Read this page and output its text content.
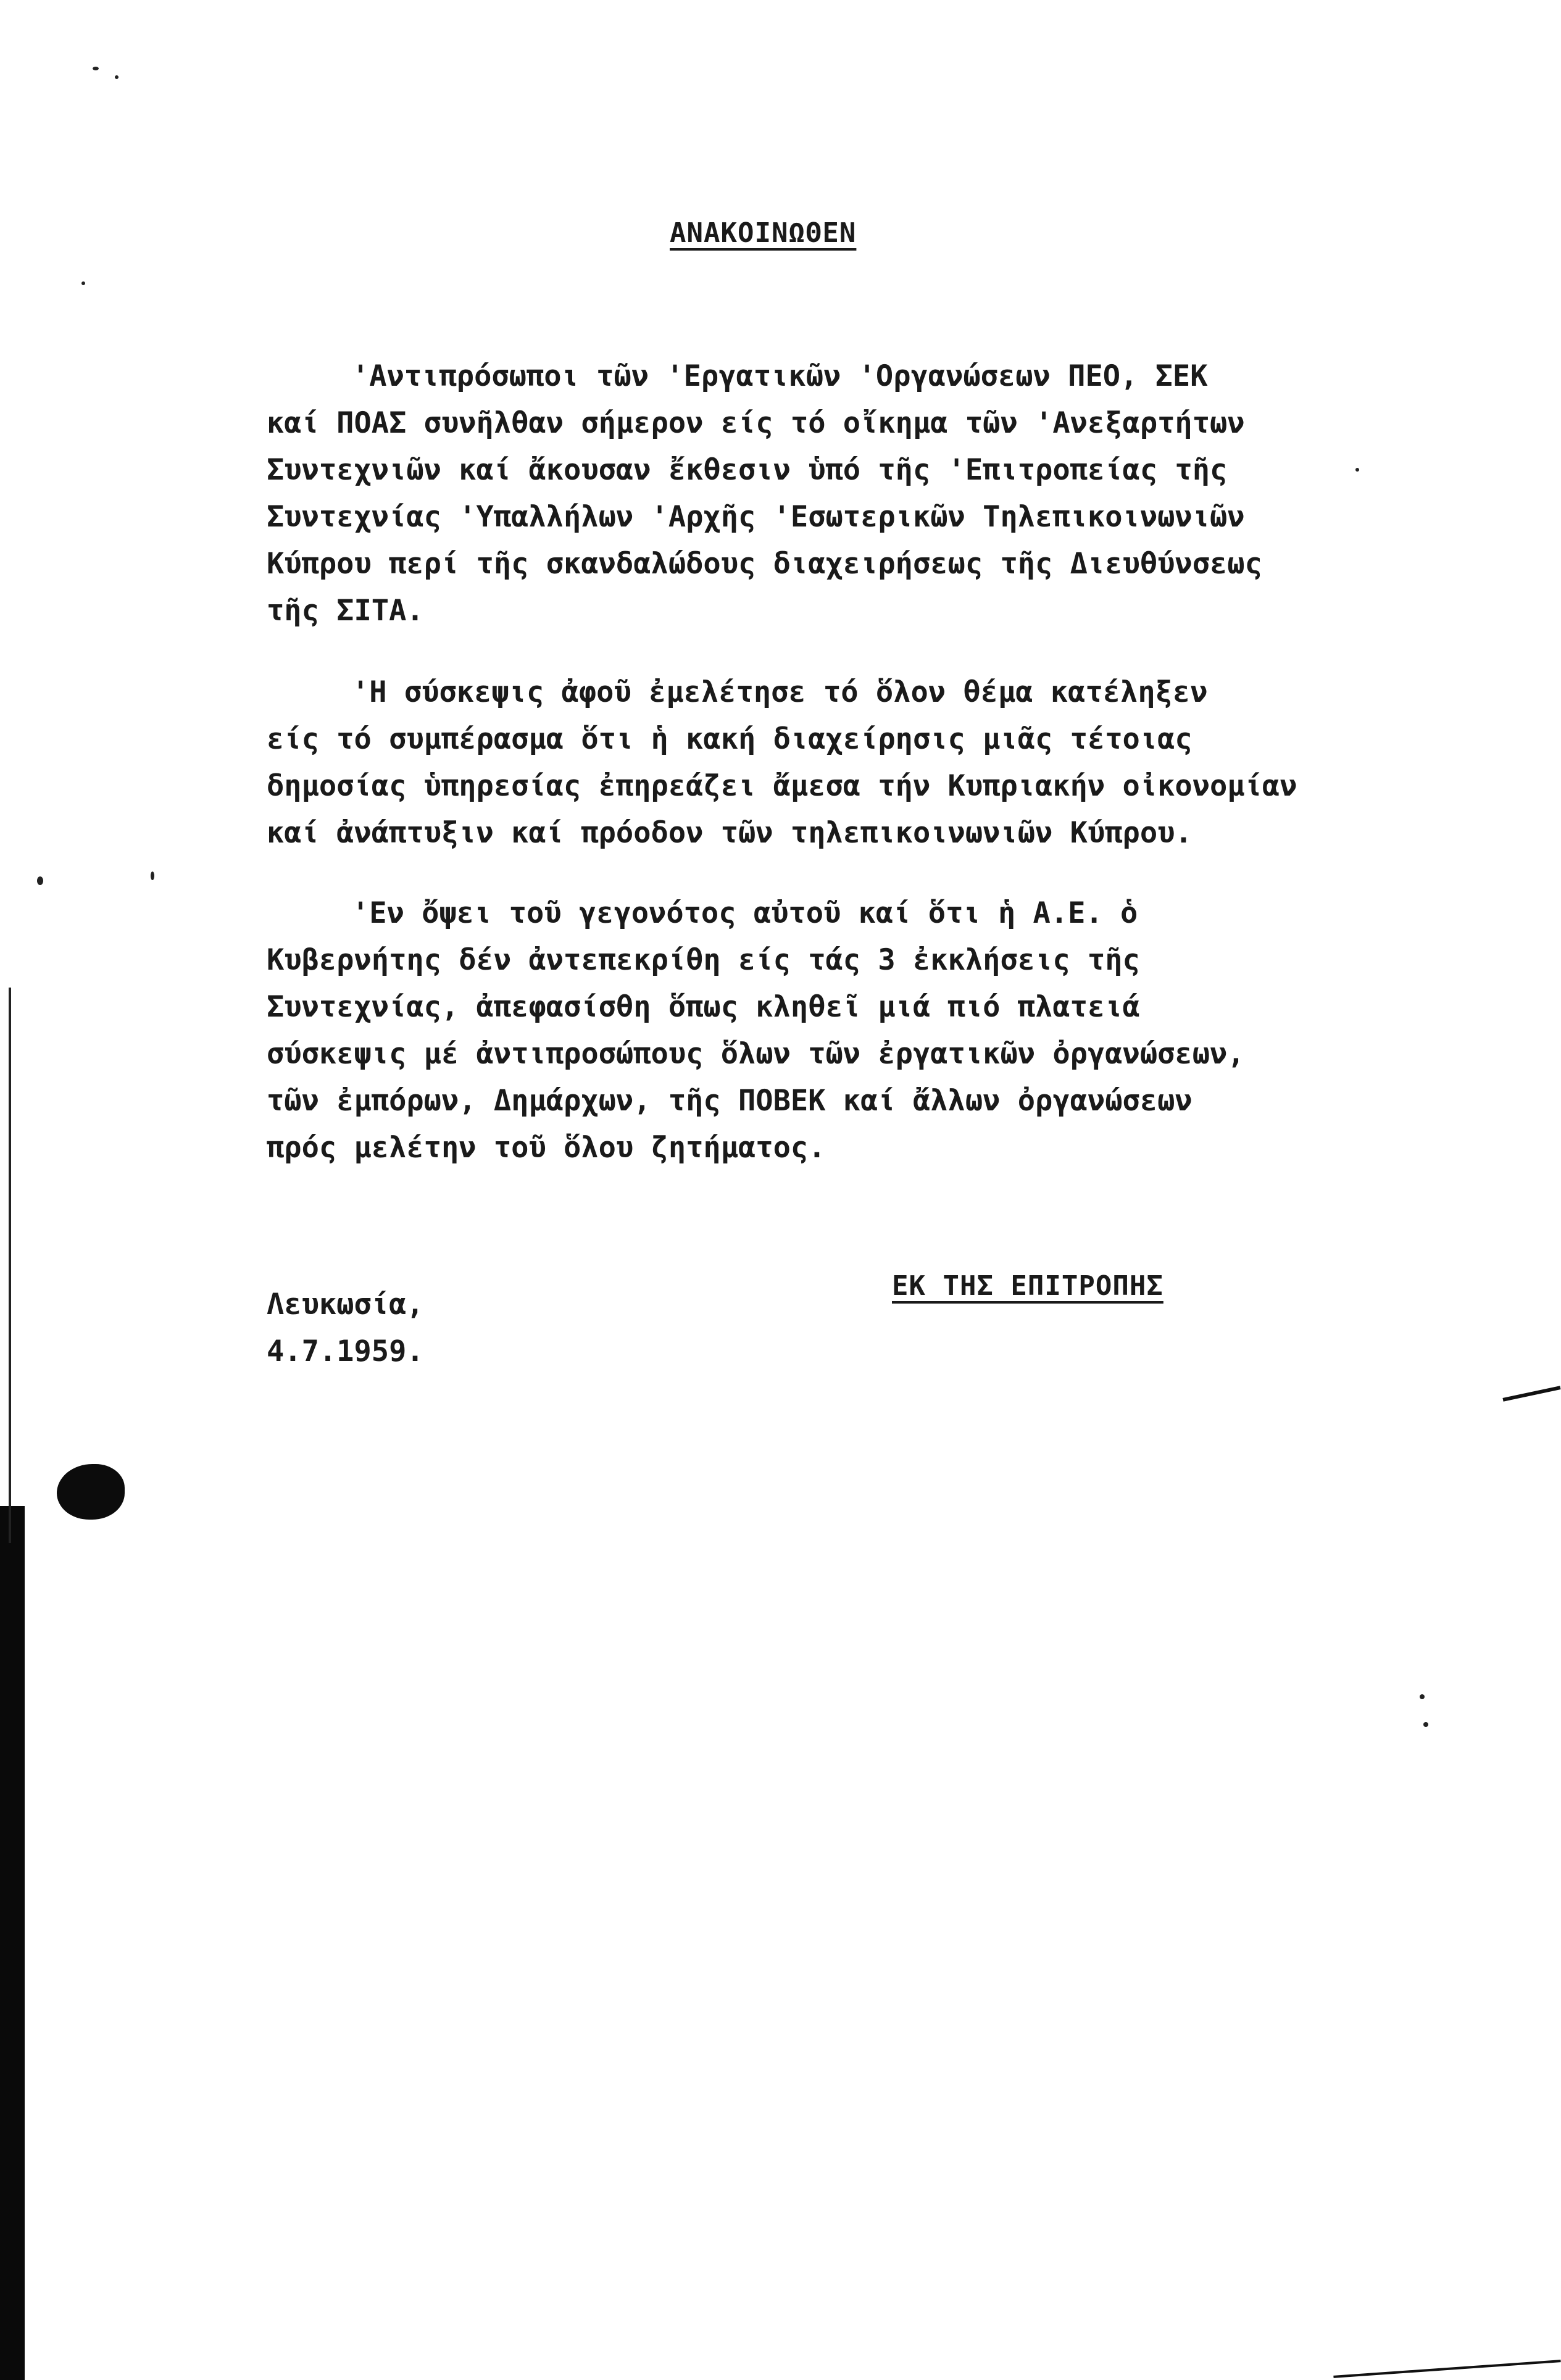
ΑΝΑΚΟΙΝΩΘΕΝ
'Αντιπρόσωποι τῶν 'Εργατικῶν 'Οργανώσεων ΠΕΟ, ΣΕΚ
καί ΠΟΑΣ συνῆλθαν σήμερον είς τό οἴκημα τῶν 'Ανεξαρτήτων
Συντεχνιῶν καί ἄκουσαν ἔκθεσιν ὑπό τῆς 'Επιτροπείας τῆς
Συντεχνίας 'Υπαλλήλων 'Αρχῆς 'Εσωτερικῶν Τηλεπικοινωνιῶν
Κύπρου περί τῆς σκανδαλώδους διαχειρήσεως τῆς Διευθύνσεως
τῆς ΣΙΤΑ.
'Η σύσκεψις ἀφοῦ ἐμελέτησε τό ὅλον θέμα κατέληξεν
είς τό συμπέρασμα ὅτι ἡ κακή διαχείρησις μιᾶς τέτοιας
δημοσίας ὑπηρεσίας ἐπηρεάζει ἄμεσα τήν Κυπριακήν οἰκονομίαν
καί ἀνάπτυξιν καί πρόοδον τῶν τηλεπικοινωνιῶν Κύπρου.
'Εν ὄψει τοῦ γεγονότος αὐτοῦ καί ὅτι ἡ Α.Ε. ὁ
Κυβερνήτης δέν ἀντεπεκρίθη είς τάς 3 ἐκκλήσεις τῆς
Συντεχνίας, ἀπεφασίσθη ὅπως κληθεῖ μιά πιό πλατειά
σύσκεψις μέ ἀντιπροσώπους ὅλων τῶν ἐργατικῶν ὀργανώσεων,
τῶν ἐμπόρων, Δημάρχων, τῆς ΠΟΒΕΚ καί ἄλλων ὀργανώσεων
πρός μελέτην τοῦ ὅλου ζητήματος.
Λευκωσία,
4.7.1959.
ΕΚ ΤΗΣ ΕΠΙΤΡΟΠΗΣ
